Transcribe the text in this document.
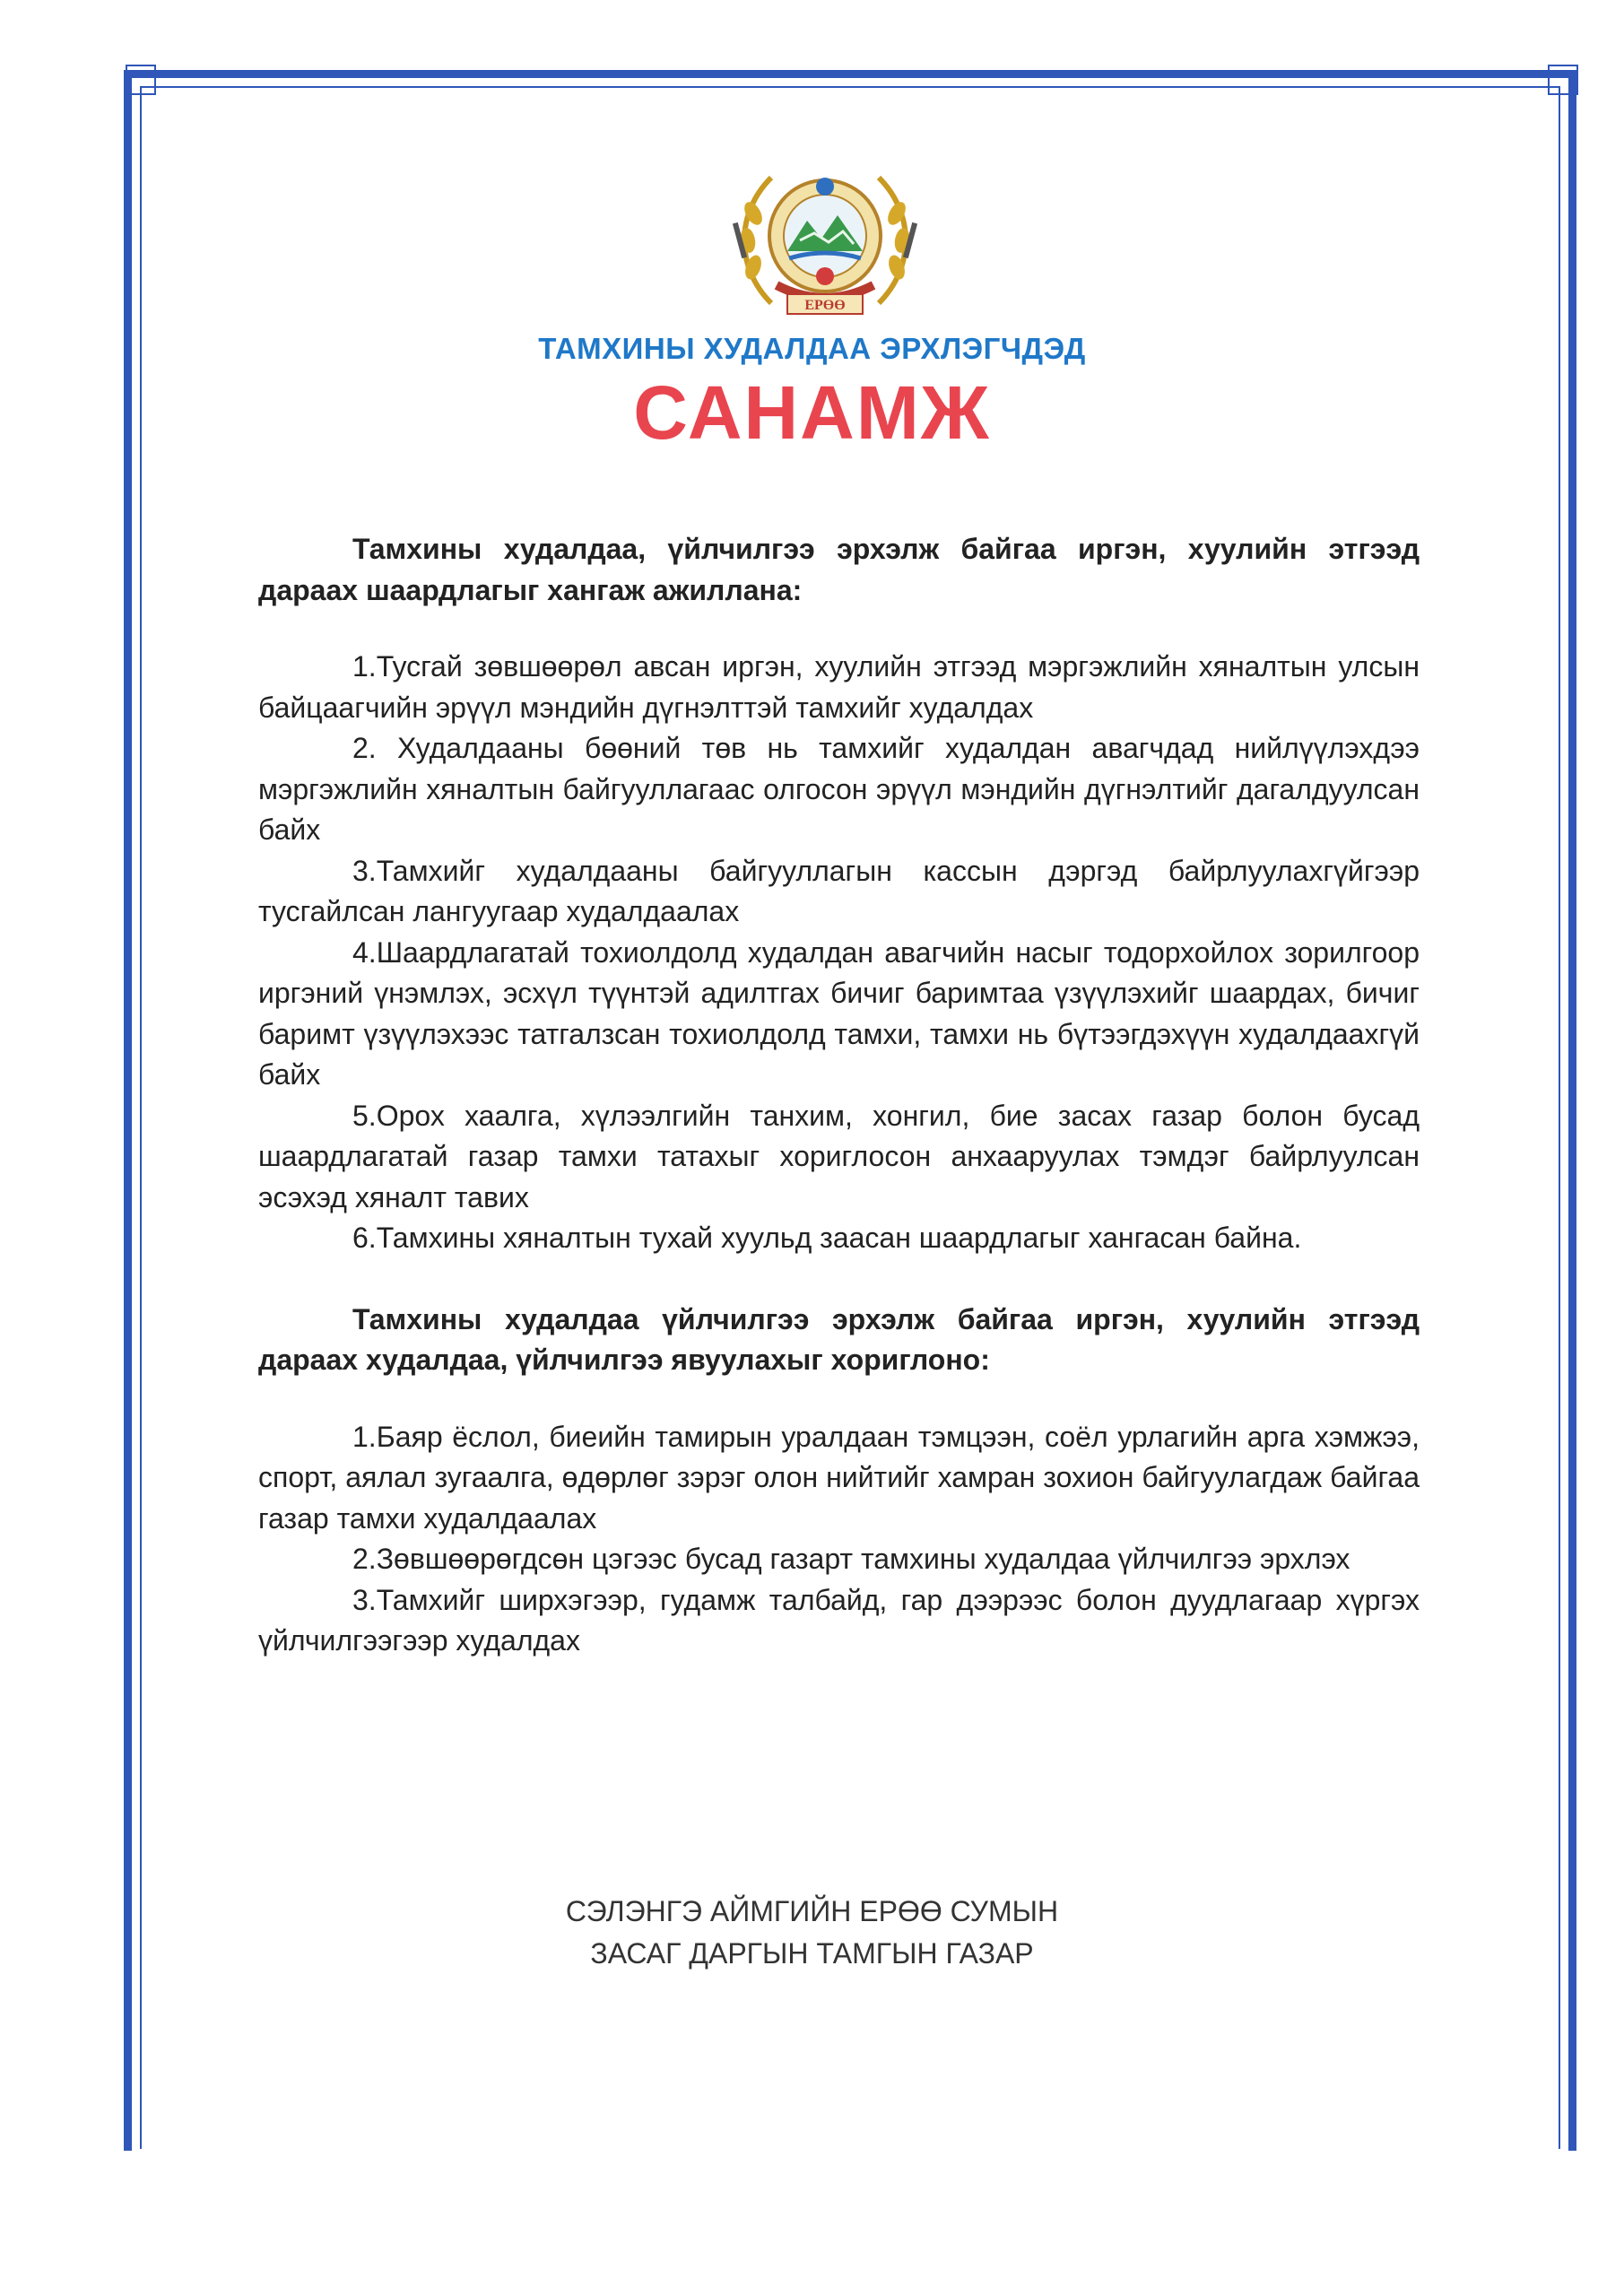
ЕРӨӨ
ТАМХИНЫ ХУДАЛДАА ЭРХЛЭГЧДЭД
САНАМЖ

Тамхины худалдаа, үйлчилгээ эрхэлж байгаа иргэн, хуулийн этгээд дараах шаардлагыг хангаж ажиллана:

1.Тусгай зөвшөөрөл авсан иргэн, хуулийн этгээд мэргэжлийн хяналтын улсын байцаагчийн эрүүл мэндийн дүгнэлттэй тамхийг худалдах

2. Худалдааны бөөний төв нь тамхийг худалдан авагчдад нийлүүлэхдээ мэргэжлийн хяналтын байгууллагаас олгосон эрүүл мэндийн дүгнэлтийг дагалдуулсан байх

3.Тамхийг худалдааны байгууллагын кассын дэргэд байрлуулахгүйгээр тусгайлсан лангуугаар худалдаалах

4.Шаардлагатай тохиолдолд худалдан авагчийн насыг тодорхойлох зорилгоор иргэний үнэмлэх, эсхүл түүнтэй адилтгах бичиг баримтаа үзүүлэхийг шаардах, бичиг баримт үзүүлэхээс татгалзсан тохиолдолд тамхи, тамхи нь бүтээгдэхүүн худалдаахгүй байх

5.Орох хаалга, хүлээлгийн танхим, хонгил, бие засах газар болон бусад шаардлагатай газар тамхи татахыг хориглосон анхааруулах тэмдэг байрлуулсан эсэхэд хяналт тавих

6.Тамхины хяналтын тухай хуульд заасан шаардлагыг хангасан байна.

Тамхины худалдаа үйлчилгээ эрхэлж байгаа иргэн, хуулийн этгээд дараах худалдаа, үйлчилгээ явуулахыг хориглоно:

1.Баяр ёслол, биеийн тамирын уралдаан тэмцээн, соёл урлагийн арга хэмжээ, спорт, аялал зугаалга, өдөрлөг зэрэг олон нийтийг хамран зохион байгуулагдаж байгаа газар тамхи худалдаалах

2.Зөвшөөрөгдсөн цэгээс бусад газарт тамхины худалдаа үйлчилгээ эрхлэх

3.Тамхийг ширхэгээр, гудамж талбайд, гар дээрээс болон дуудлагаар хүргэх үйлчилгээгээр худалдах

СЭЛЭНГЭ АЙМГИЙН ЕРӨӨ СУМЫН
ЗАСАГ ДАРГЫН ТАМГЫН ГАЗАР
